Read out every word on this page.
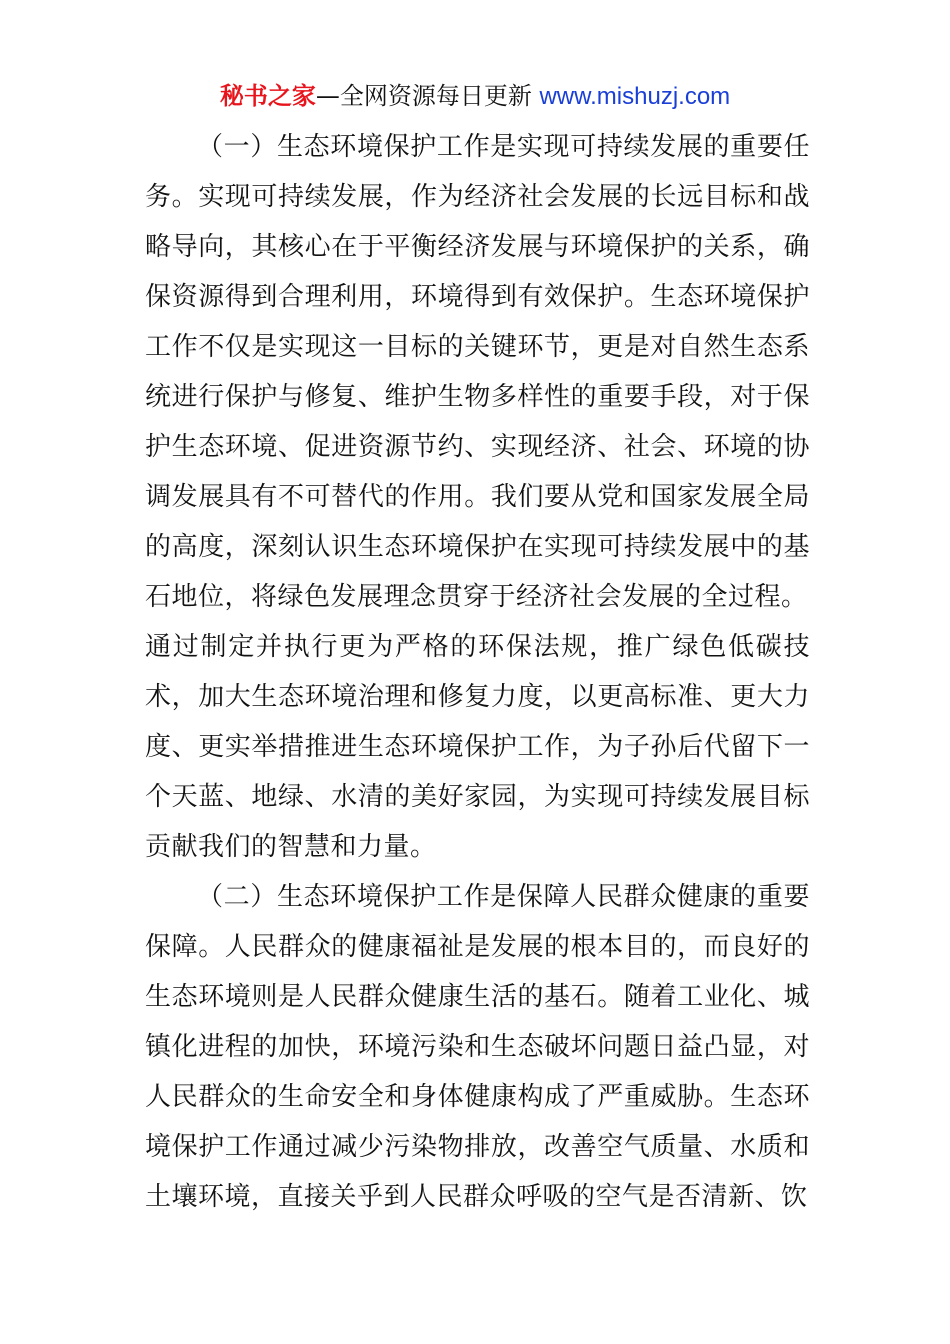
秘书之家—全网资源每日更新 www.mishuzj.com

（一）生态环境保护工作是实现可持续发展的重要任务。实现可持续发展，作为经济社会发展的长远目标和战略导向，其核心在于平衡经济发展与环境保护的关系，确保资源得到合理利用，环境得到有效保护。生态环境保护工作不仅是实现这一目标的关键环节，更是对自然生态系统进行保护与修复、维护生物多样性的重要手段，对于保护生态环境、促进资源节约、实现经济、社会、环境的协调发展具有不可替代的作用。我们要从党和国家发展全局的高度，深刻认识生态环境保护在实现可持续发展中的基石地位，将绿色发展理念贯穿于经济社会发展的全过程。

通过制定并执行更为严格的环保法规，推广绿色低碳技术，加大生态环境治理和修复力度，以更高标准、更大力度、更实举措推进生态环境保护工作，为子孙后代留下一个天蓝、地绿、水清的美好家园，为实现可持续发展目标贡献我们的智慧和力量。

（二）生态环境保护工作是保障人民群众健康的重要保障。人民群众的健康福祉是发展的根本目的，而良好的生态环境则是人民群众健康生活的基石。随着工业化、城镇化进程的加快，环境污染和生态破坏问题日益凸显，对人民群众的生命安全和身体健康构成了严重威胁。生态环境保护工作通过减少污染物排放，改善空气质量、水质和土壤环境，直接关乎到人民群众呼吸的空气是否清新、饮
